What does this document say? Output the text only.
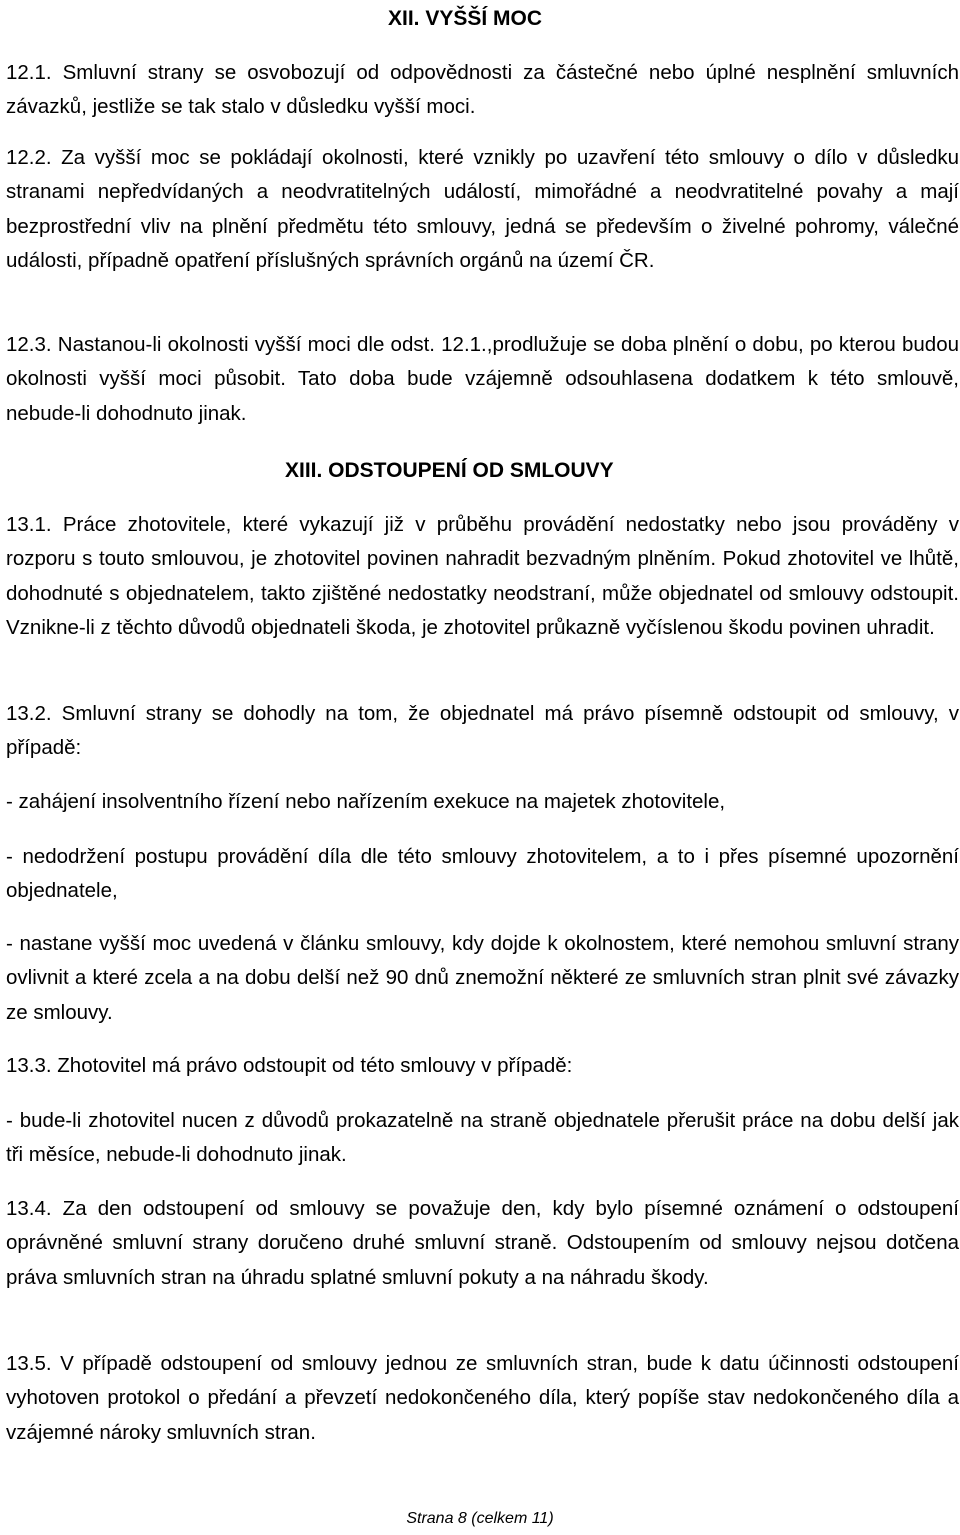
XII. VYŠŠÍ MOC

12.1. Smluvní strany se osvobozují od odpovědnosti za částečné nebo úplné nesplnění smluvních závazků, jestliže se tak stalo v důsledku vyšší moci.

12.2. Za vyšší moc se pokládají okolnosti, které vznikly po uzavření této smlouvy o dílo v důsledku stranami nepředvídaných a neodvratitelných událostí, mimořádné a neodvratitelné povahy a mají bezprostřední vliv na plnění předmětu této smlouvy, jedná se především o živelné pohromy, válečné události, případně opatření příslušných správních orgánů na území ČR.

12.3. Nastanou-li okolnosti vyšší moci dle odst. 12.1.,prodlužuje se doba plnění o dobu, po kterou budou okolnosti vyšší moci působit. Tato doba bude vzájemně odsouhlasena dodatkem k této smlouvě, nebude-li dohodnuto jinak.

XIII. ODSTOUPENÍ OD SMLOUVY

13.1. Práce zhotovitele, které vykazují již v průběhu provádění nedostatky nebo jsou prováděny v rozporu s touto smlouvou, je zhotovitel povinen nahradit bezvadným plněním. Pokud zhotovitel ve lhůtě, dohodnuté s objednatelem, takto zjištěné nedostatky neodstraní, může objednatel od smlouvy odstoupit. Vznikne-li z těchto důvodů objednateli škoda, je zhotovitel průkazně vyčíslenou škodu povinen uhradit.

13.2. Smluvní strany se dohodly na tom, že objednatel má právo písemně odstoupit od smlouvy, v případě:

- zahájení insolventního řízení nebo nařízením exekuce na majetek zhotovitele,

- nedodržení postupu provádění díla dle této smlouvy zhotovitelem, a to i přes písemné upozornění objednatele,

- nastane vyšší moc uvedená v článku smlouvy, kdy dojde k okolnostem, které nemohou smluvní strany ovlivnit a které zcela a na dobu delší než 90 dnů znemožní některé ze smluvních stran plnit své závazky ze smlouvy.

13.3. Zhotovitel má právo odstoupit od této smlouvy v případě:

- bude-li zhotovitel nucen z důvodů prokazatelně na straně objednatele přerušit práce na dobu delší jak tři měsíce, nebude-li dohodnuto jinak.

13.4. Za den odstoupení od smlouvy se považuje den, kdy bylo písemné oznámení o odstoupení oprávněné smluvní strany doručeno druhé smluvní straně. Odstoupením od smlouvy nejsou dotčena práva smluvních stran na úhradu splatné smluvní pokuty a na náhradu škody.

13.5. V případě odstoupení od smlouvy jednou ze smluvních stran, bude k datu účinnosti odstoupení vyhotoven protokol o předání a převzetí nedokončeného díla, který popíše stav nedokončeného díla a vzájemné nároky smluvních stran.

Strana 8 (celkem 11)
